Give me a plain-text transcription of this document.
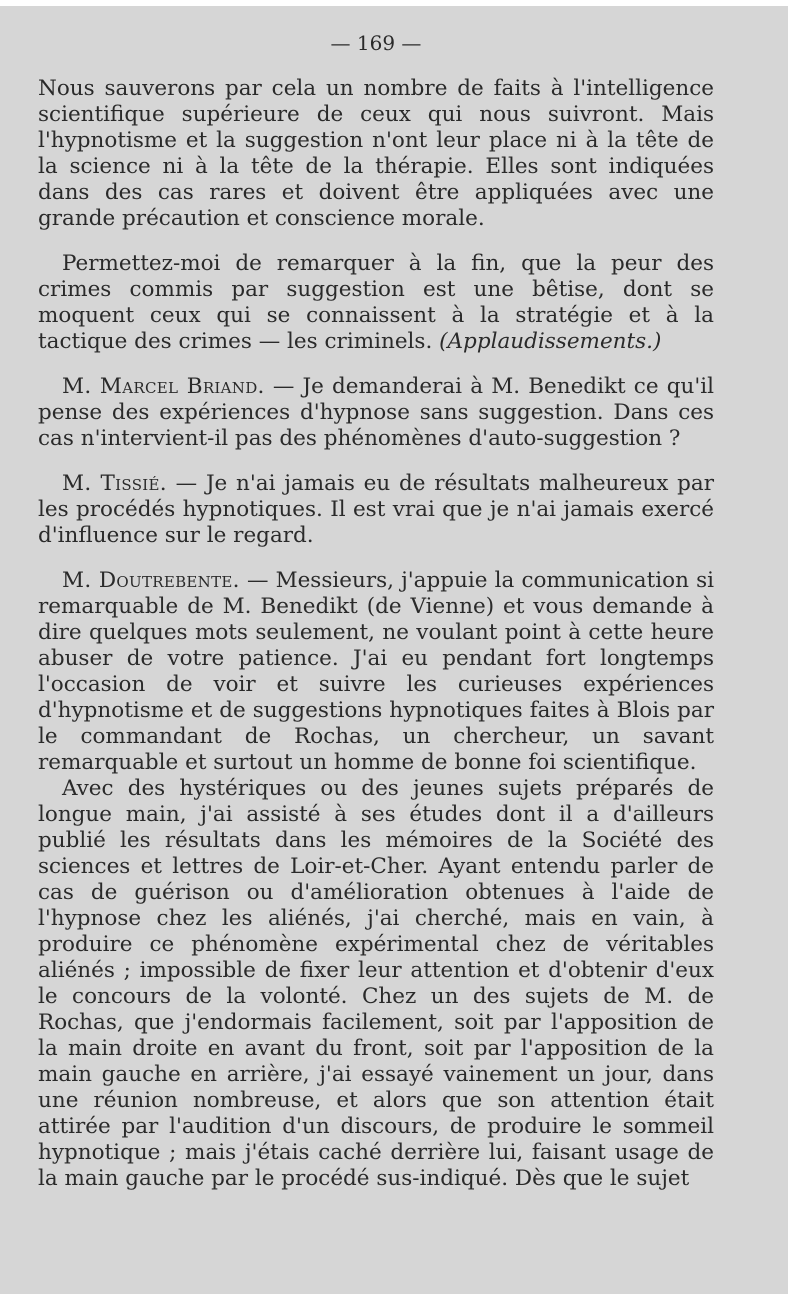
— 169 —

Nous sauverons par cela un nombre de faits à l'intelligence scientifique supérieure de ceux qui nous suivront. Mais l'hypnotisme et la suggestion n'ont leur place ni à la tête de la science ni à la tête de la thérapie. Elles sont indiquées dans des cas rares et doivent être appliquées avec une grande précaution et conscience morale.

Permettez-moi de remarquer à la fin, que la peur des crimes commis par suggestion est une bêtise, dont se moquent ceux qui se connaissent à la stratégie et à la tactique des crimes — les criminels. (Applaudissements.)

M. Marcel Briand. — Je demanderai à M. Benedikt ce qu'il pense des expériences d'hypnose sans suggestion. Dans ces cas n'intervient-il pas des phénomènes d'auto-suggestion ?

M. Tissié. — Je n'ai jamais eu de résultats malheureux par les procédés hypnotiques. Il est vrai que je n'ai jamais exercé d'influence sur le regard.

M. Doutrebente. — Messieurs, j'appuie la communication si remarquable de M. Benedikt (de Vienne) et vous demande à dire quelques mots seulement, ne voulant point à cette heure abuser de votre patience. J'ai eu pendant fort longtemps l'occasion de voir et suivre les curieuses expériences d'hypnotisme et de suggestions hypnotiques faites à Blois par le commandant de Rochas, un chercheur, un savant remarquable et surtout un homme de bonne foi scientifique.

Avec des hystériques ou des jeunes sujets préparés de longue main, j'ai assisté à ses études dont il a d'ailleurs publié les résultats dans les mémoires de la Société des sciences et lettres de Loir-et-Cher. Ayant entendu parler de cas de guérison ou d'amélioration obtenues à l'aide de l'hypnose chez les aliénés, j'ai cherché, mais en vain, à produire ce phénomène expérimental chez de véritables aliénés ; impossible de fixer leur attention et d'obtenir d'eux le concours de la volonté. Chez un des sujets de M. de Rochas, que j'endormais facilement, soit par l'apposition de la main droite en avant du front, soit par l'apposition de la main gauche en arrière, j'ai essayé vainement un jour, dans une réunion nombreuse, et alors que son attention était attirée par l'audition d'un discours, de produire le sommeil hypnotique ; mais j'étais caché derrière lui, faisant usage de la main gauche par le procédé sus-indiqué. Dès que le sujet
